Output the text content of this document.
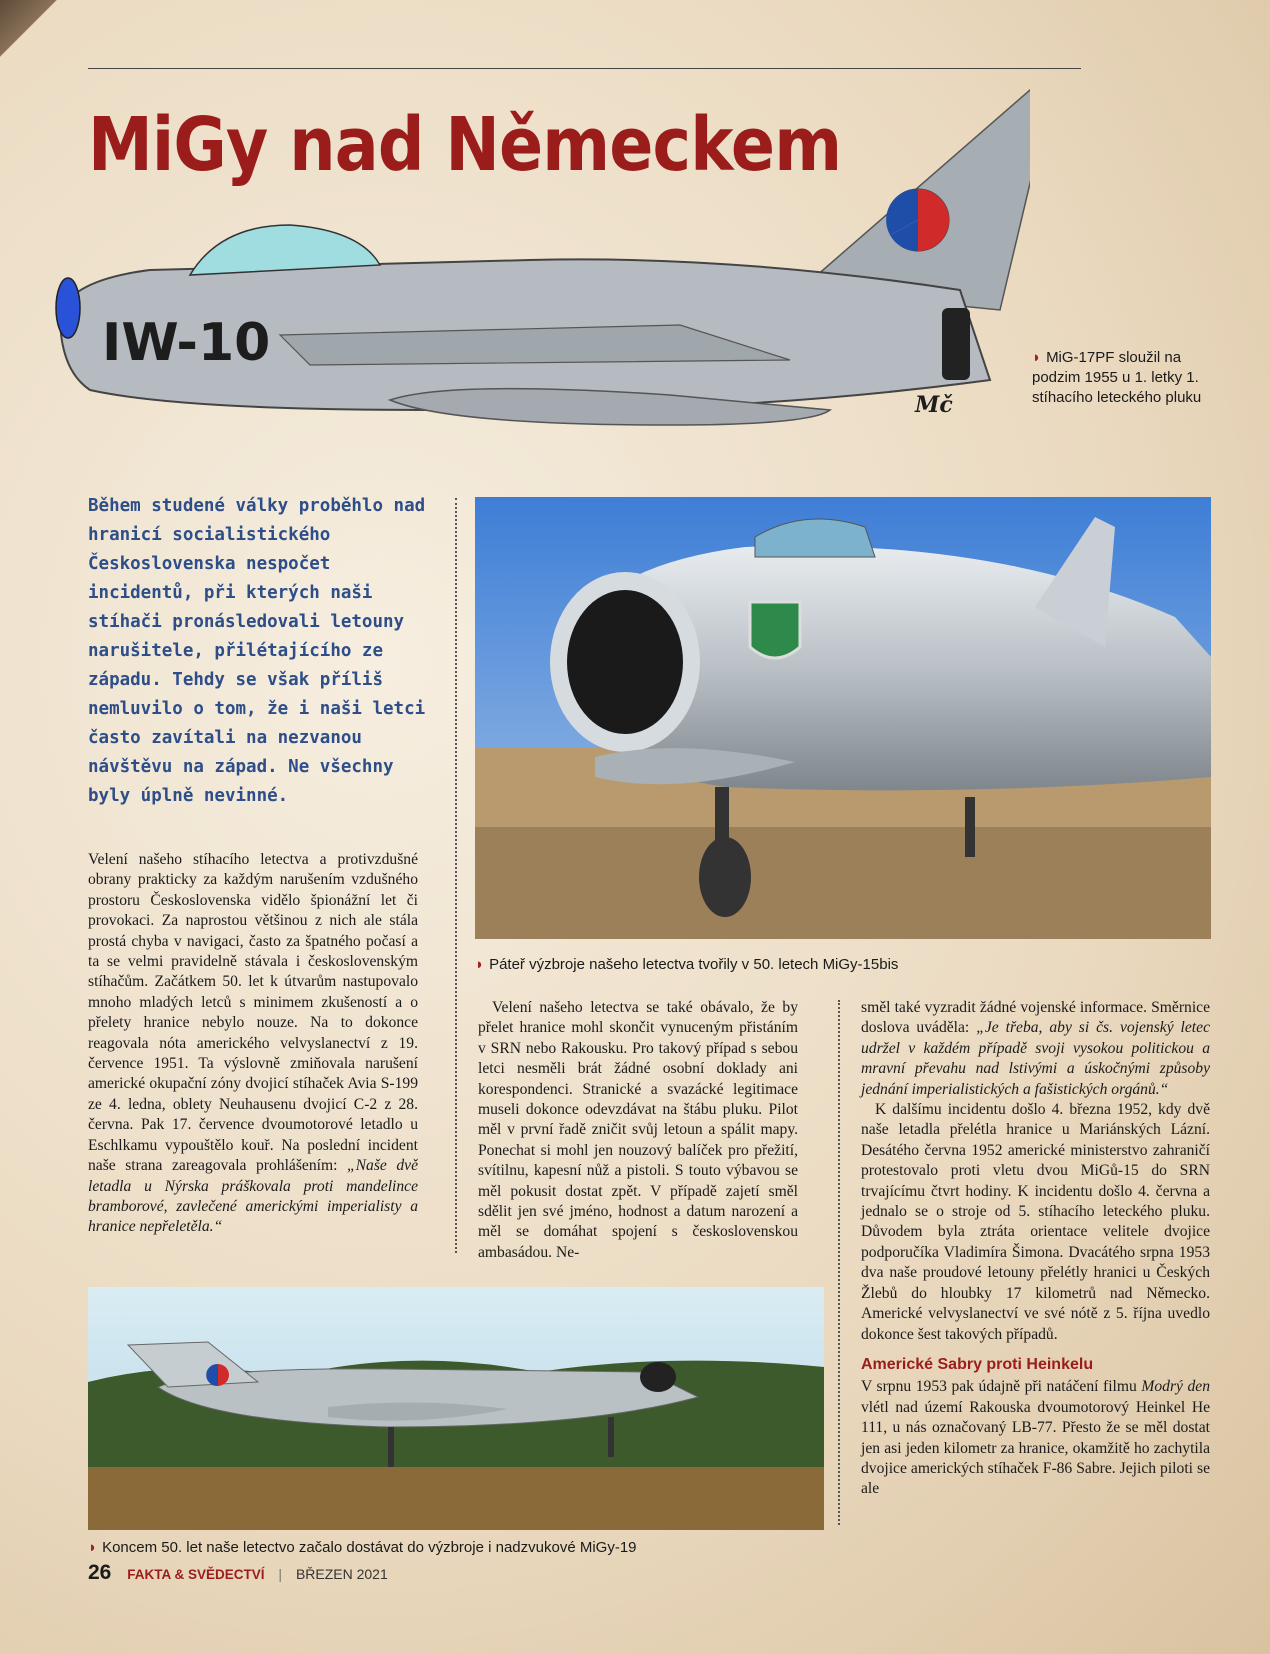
IW-10
Mč
MiGy nad Německem
◗ MiG-17PF sloužil na podzim 1955 u 1. letky 1. stíhacího leteckého pluku

Během studené války proběhlo nad hranicí socialistického Československa nespočet incidentů, při kterých naši stíhači pronásledovali letouny narušitele, přilétajícího ze západu. Tehdy se však příliš nemluvilo o tom, že i naši letci často zavítali na nezvanou návštěvu na západ. Ne všechny byly úplně nevinné.

◗ Páteř výzbroje našeho letectva tvořily v 50. letech MiGy-15bis

Velení našeho stíhacího letectva a protivzdušné obrany prakticky za každým narušením vzdušného prostoru Československa vidělo špionážní let či provokaci. Za naprostou většinou z nich ale stála prostá chyba v navigaci, často za špatného počasí a ta se velmi pravidelně stávala i československým stíhačům. Začátkem 50. let k útvarům nastupovalo mnoho mladých letců s minimem zkušeností a o přelety hranice nebylo nouze. Na to dokonce reagovala nóta amerického velvyslanectví z 19. července 1951. Ta výslovně zmiňovala narušení americké okupační zóny dvojicí stíhaček Avia S-199 ze 4. ledna, oblety Neuhausenu dvojicí C-2 z 28. června. Pak 17. července dvoumotorové letadlo u Eschlkamu vypouštělo kouř. Na poslední incident naše strana zareagovala prohlášením: „Naše dvě letadla u Nýrska práškovala proti mandelince bramborové, zavlečené americkými imperialisty a hranice nepřeletěla.“

Velení našeho letectva se také obávalo, že by přelet hranice mohl skončit vynuceným přistáním v SRN nebo Rakousku. Pro takový případ s sebou letci nesměli brát žádné osobní doklady ani korespondenci. Stranické a svazácké legitimace museli dokonce odevzdávat na štábu pluku. Pilot měl v první řadě zničit svůj letoun a spálit mapy. Ponechat si mohl jen nouzový balíček pro přežití, svítilnu, kapesní nůž a pistoli. S touto výbavou se měl pokusit dostat zpět. V případě zajetí směl sdělit jen své jméno, hodnost a datum narození a měl se domáhat spojení s československou ambasádou. Ne-

směl také vyzradit žádné vojenské informace. Směrnice doslova uváděla: „Je třeba, aby si čs. vojenský letec udržel v každém případě svoji vysokou politickou a mravní převahu nad lstivými a úskočnými způsoby jednání imperialistických a fašistických orgánů.“

K dalšímu incidentu došlo 4. března 1952, kdy dvě naše letadla přelétla hranice u Mariánských Lázní. Desátého června 1952 americké ministerstvo zahraničí protestovalo proti vletu dvou MiGů-15 do SRN trvajícímu čtvrt hodiny. K incidentu došlo 4. června a jednalo se o stroje od 5. stíhacího leteckého pluku. Důvodem byla ztráta orientace velitele dvojice podporučíka Vladimíra Šimona. Dvacátého srpna 1953 dva naše proudové letouny přelétly hranici u Českých Žlebů do hloubky 17 kilometrů nad Německo. Americké velvyslanectví ve své nótě z 5. října uvedlo dokonce šest takových případů.

Americké Sabry proti Heinkelu

V srpnu 1953 pak údajně při natáčení filmu Modrý den vlétl nad území Rakouska dvoumotorový Heinkel He 111, u nás označovaný LB-77. Přesto že se měl dostat jen asi jeden kilometr za hranice, okamžitě ho zachytila dvojice amerických stíhaček F-86 Sabre. Jejich piloti se ale

◗ Koncem 50. let naše letectvo začalo dostávat do výzbroje i nadzvukové MiGy-19
26 FAKTA & SVĚDECTVÍ | BŘEZEN 2021
